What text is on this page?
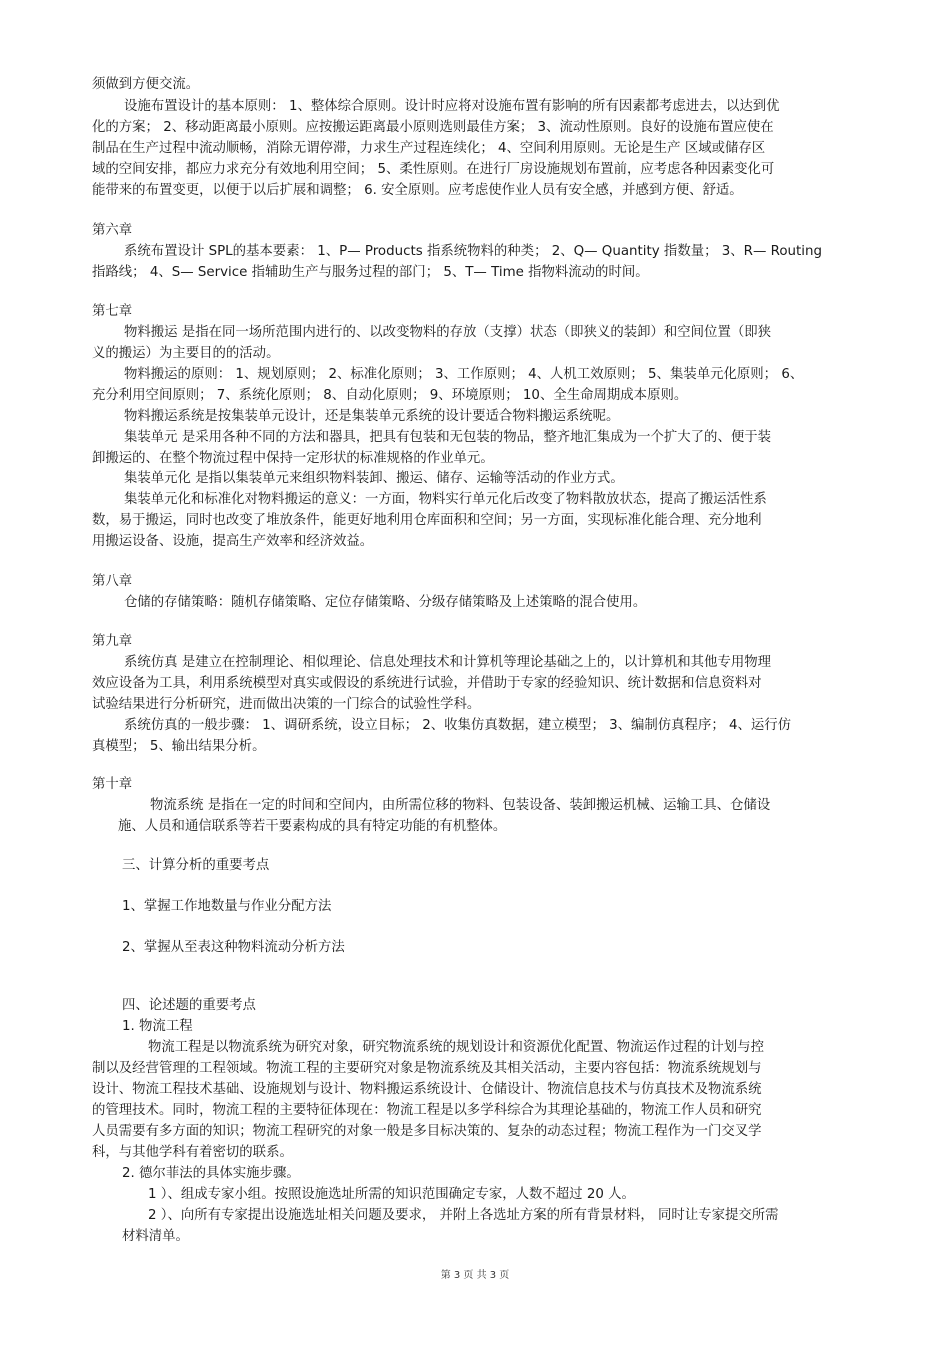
须做到方便交流。
设施布置设计的基本原则： 1、整体综合原则。设计时应将对设施布置有影响的所有因素都考虑进去，以达到优
化的方案； 2、移动距离最小原则。应按搬运距离最小原则选则最佳方案； 3、流动性原则。良好的设施布置应使在
制品在生产过程中流动顺畅，消除无谓停滞，力求生产过程连续化； 4、空间利用原则。无论是生产 区域或储存区
域的空间安排，都应力求充分有效地利用空间； 5、柔性原则。在进行厂房设施规划布置前，应考虑各种因素变化可
能带来的布置变更，以便于以后扩展和调整； 6. 安全原则。应考虑使作业人员有安全感，并感到方便、舒适。
第六章
系统布置设计 SPL的基本要素： 1、P— Products 指系统物料的种类； 2、Q— Quantity 指数量； 3、R— Routing
指路线； 4、S— Service 指辅助生产与服务过程的部门； 5、T— Time 指物料流动的时间。
第七章
物料搬运 是指在同一场所范围内进行的、以改变物料的存放（支撑）状态（即狭义的装卸）和空间位置（即狭
义的搬运）为主要目的的活动。
物料搬运的原则： 1、规划原则； 2、标准化原则； 3、工作原则； 4、人机工效原则； 5、集装单元化原则； 6、
充分利用空间原则； 7、系统化原则； 8、自动化原则； 9、环境原则； 10、全生命周期成本原则。
物料搬运系统是按集装单元设计，还是集装单元系统的设计要适合物料搬运系统呢。
集装单元 是采用各种不同的方法和器具，把具有包装和无包装的物品，整齐地汇集成为一个扩大了的、便于装
卸搬运的、在整个物流过程中保持一定形状的标准规格的作业单元。
集装单元化 是指以集装单元来组织物料装卸、搬运、储存、运输等活动的作业方式。
集装单元化和标准化对物料搬运的意义：一方面，物料实行单元化后改变了物料散放状态，提高了搬运活性系
数，易于搬运，同时也改变了堆放条件，能更好地利用仓库面积和空间；另一方面，实现标准化能合理、充分地利
用搬运设备、设施，提高生产效率和经济效益。
第八章
仓储的存储策略：随机存储策略、定位存储策略、分级存储策略及上述策略的混合使用。
第九章
系统仿真 是建立在控制理论、相似理论、信息处理技术和计算机等理论基础之上的，以计算机和其他专用物理
效应设备为工具，利用系统模型对真实或假设的系统进行试验，并借助于专家的经验知识、统计数据和信息资料对
试验结果进行分析研究，进而做出决策的一门综合的试验性学科。
系统仿真的一般步骤： 1、调研系统，设立目标； 2、收集仿真数据，建立模型； 3、编制仿真程序； 4、运行仿
真模型； 5、输出结果分析。
第十章
物流系统 是指在一定的时间和空间内，由所需位移的物料、包装设备、装卸搬运机械、运输工具、仓储设
施、人员和通信联系等若干要素构成的具有特定功能的有机整体。
三、计算分析的重要考点
1、掌握工作地数量与作业分配方法
2、掌握从至表这种物料流动分析方法
四、论述题的重要考点
1. 物流工程
物流工程是以物流系统为研究对象，研究物流系统的规划设计和资源优化配置、物流运作过程的计划与控
制以及经营管理的工程领域。物流工程的主要研究对象是物流系统及其相关活动，主要内容包括：物流系统规划与
设计、物流工程技术基础、设施规划与设计、物料搬运系统设计、仓储设计、物流信息技术与仿真技术及物流系统
的管理技术。同时，物流工程的主要特征体现在：物流工程是以多学科综合为其理论基础的，物流工作人员和研究
人员需要有多方面的知识；物流工程研究的对象一般是多目标决策的、复杂的动态过程；物流工程作为一门交叉学
科，与其他学科有着密切的联系。
2. 德尔菲法的具体实施步骤。
1 ）、组成专家小组。按照设施选址所需的知识范围确定专家，人数不超过 20 人。
2 ）、向所有专家提出设施选址相关问题及要求， 并附上各选址方案的所有背景材料， 同时让专家提交所需
材料清单。
第 3 页 共 3 页
